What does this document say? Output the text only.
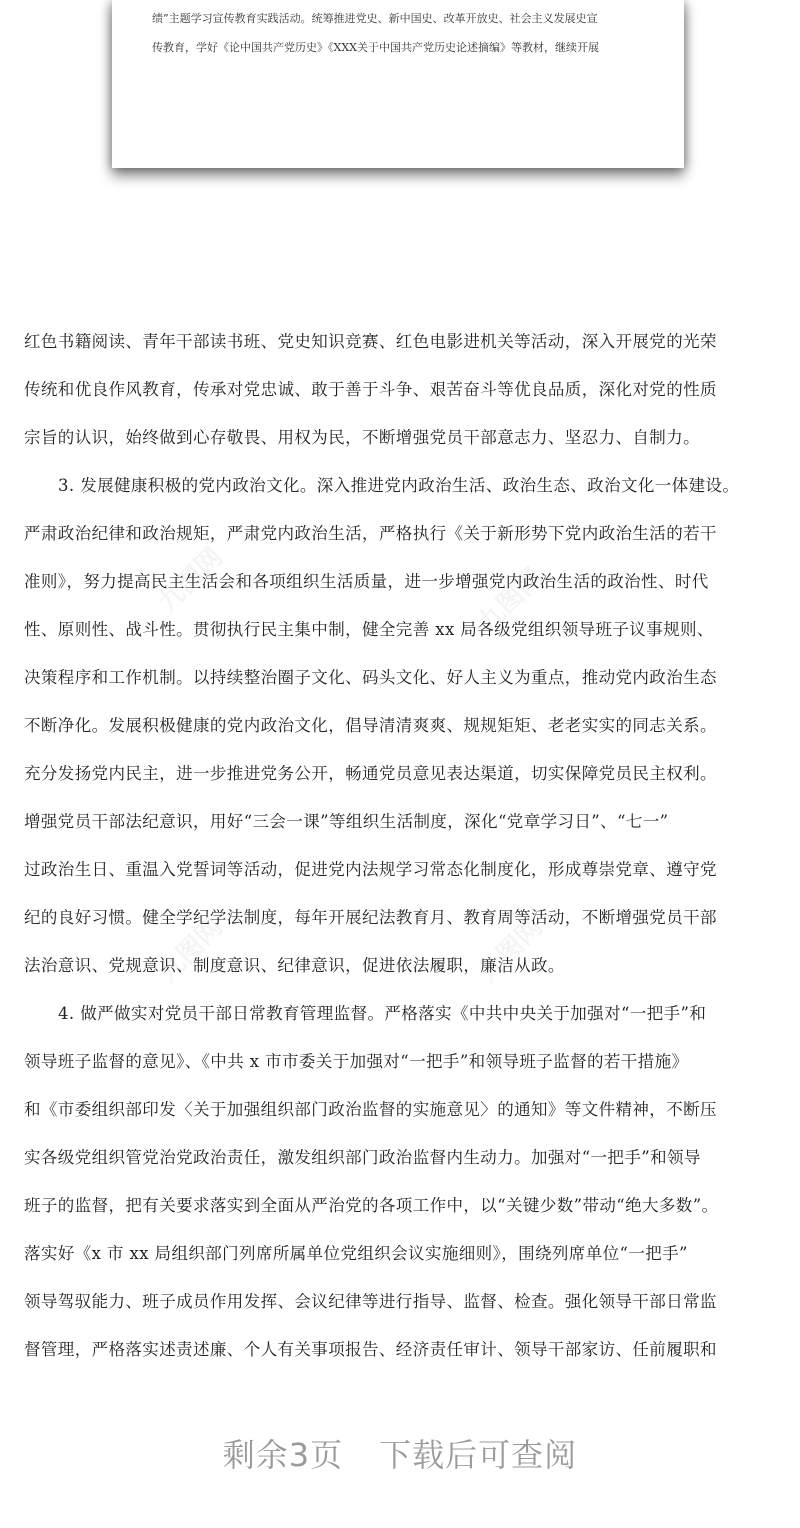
绩”主题学习宣传教育实践活动。统筹推进党史、新中国史、改革开放史、社会主义发展史宣
传教育，学好《论中国共产党历史》《XXX关于中国共产党历史论述摘编》等教材，继续开展
九图网	九图网
九图网	九图网
红色书籍阅读、青年干部读书班、党史知识竞赛、红色电影进机关等活动，深入开展党的光荣
传统和优良作风教育，传承对党忠诚、敢于善于斗争、艰苦奋斗等优良品质，深化对党的性质
宗旨的认识，始终做到心存敬畏、用权为民，不断增强党员干部意志力、坚忍力、自制力。
3. 发展健康积极的党内政治文化。深入推进党内政治生活、政治生态、政治文化一体建设。
严肃政治纪律和政治规矩，严肃党内政治生活，严格执行《关于新形势下党内政治生活的若干
准则》，努力提高民主生活会和各项组织生活质量，进一步增强党内政治生活的政治性、时代
性、原则性、战斗性。贯彻执行民主集中制，健全完善 xx 局各级党组织领导班子议事规则、
决策程序和工作机制。以持续整治圈子文化、码头文化、好人主义为重点，推动党内政治生态
不断净化。发展积极健康的党内政治文化，倡导清清爽爽、规规矩矩、老老实实的同志关系。
充分发扬党内民主，进一步推进党务公开，畅通党员意见表达渠道，切实保障党员民主权利。
增强党员干部法纪意识，用好“三会一课”等组织生活制度，深化“党章学习日”、“七一”
过政治生日、重温入党誓词等活动，促进党内法规学习常态化制度化，形成尊崇党章、遵守党
纪的良好习惯。健全学纪学法制度，每年开展纪法教育月、教育周等活动，不断增强党员干部
法治意识、党规意识、制度意识、纪律意识，促进依法履职，廉洁从政。
4. 做严做实对党员干部日常教育管理监督。严格落实《中共中央关于加强对“一把手”和
领导班子监督的意见》、《中共 x 市市委关于加强对“一把手”和领导班子监督的若干措施》
和《市委组织部印发〈关于加强组织部门政治监督的实施意见〉的通知》等文件精神，不断压
实各级党组织管党治党政治责任，激发组织部门政治监督内生动力。加强对“一把手”和领导
班子的监督，把有关要求落实到全面从严治党的各项工作中，以“关键少数”带动“绝大多数”。
落实好《x 市 xx 局组织部门列席所属单位党组织会议实施细则》，围绕列席单位“一把手”
领导驾驭能力、班子成员作用发挥、会议纪律等进行指导、监督、检查。强化领导干部日常监
督管理，严格落实述责述廉、个人有关事项报告、经济责任审计、领导干部家访、任前履职和
剩余3页 下载后可查阅
